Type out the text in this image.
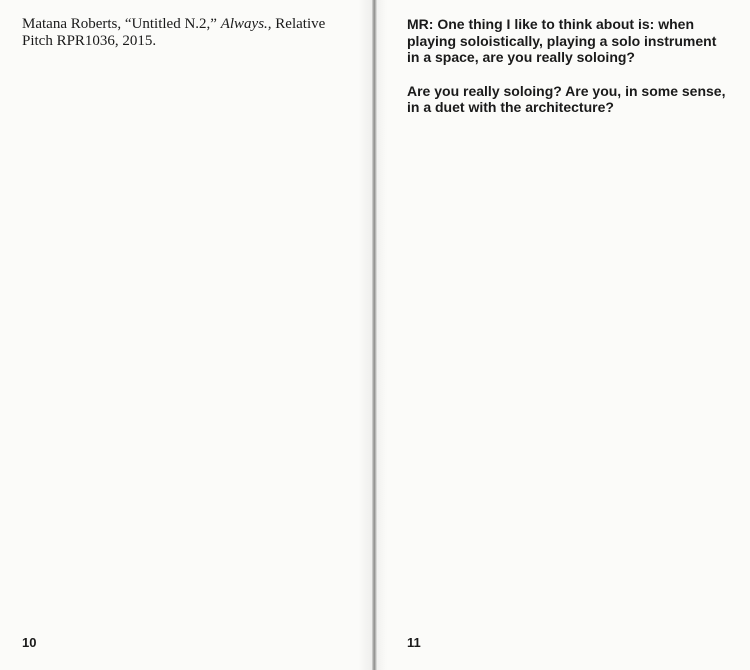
Matana Roberts, “Untitled N.2,” Always., Relative Pitch RPR1036, 2015.

10

MR: One thing I like to think about is: when playing soloistically, playing a solo instrument in a space, are you really soloing?

Are you really soloing? Are you, in some sense, in a duet with the architecture?

11
